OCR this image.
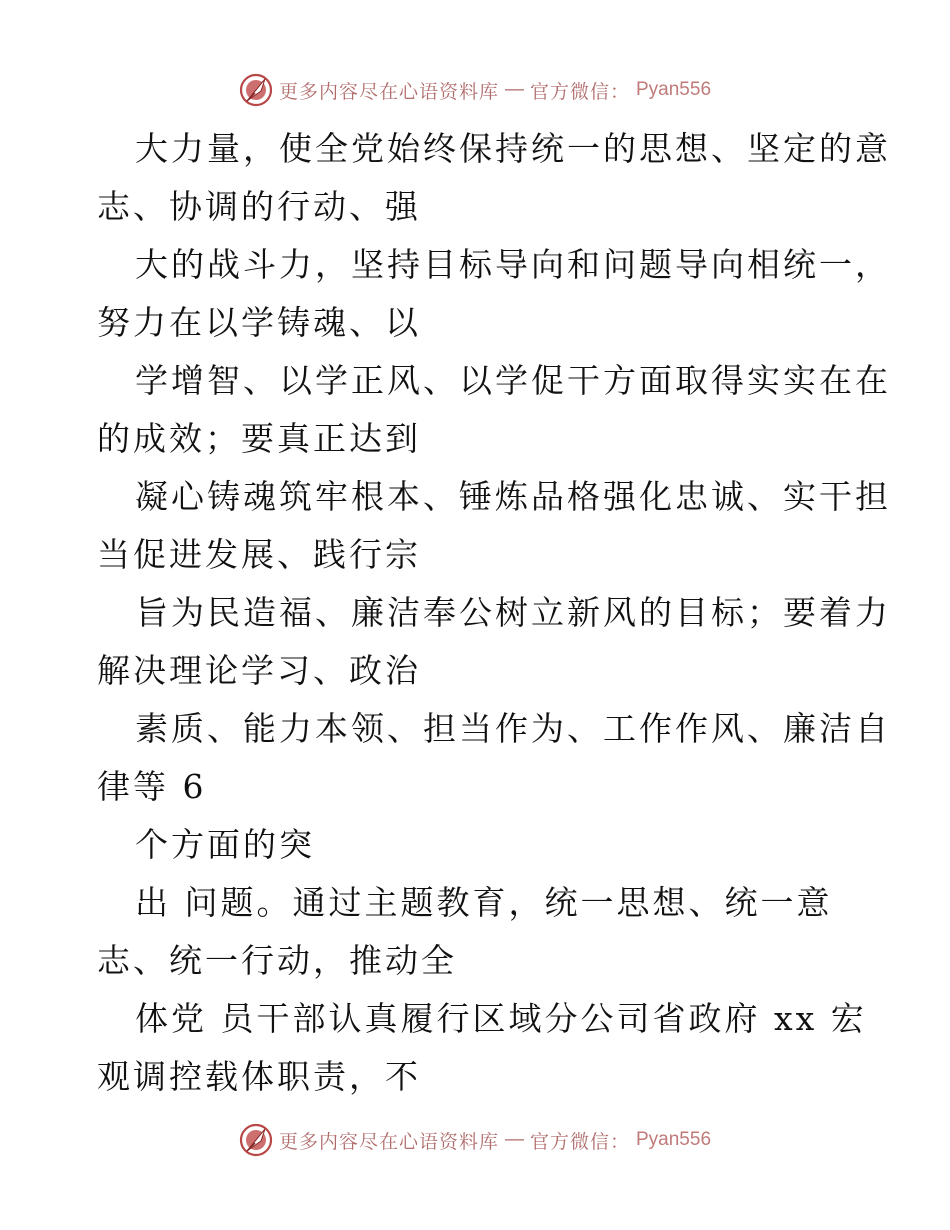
更多内容尽在心语资料库 — 官方微信： Pyan556
大力量，使全党始终保持统一的思想、坚定的意
志、协调的行动、强
大的战斗力，坚持目标导向和问题导向相统一，
努力在以学铸魂、以
学增智、以学正风、以学促干方面取得实实在在
的成效；要真正达到
凝心铸魂筑牢根本、锤炼品格强化忠诚、实干担
当促进发展、践行宗
旨为民造福、廉洁奉公树立新风的目标；要着力
解决理论学习、政治
素质、能力本领、担当作为、工作作风、廉洁自
律等 6
个方面的突
出 问题。通过主题教育，统一思想、统一意
志、统一行动，推动全
体党 员干部认真履行区域分公司省政府 xx 宏
观调控载体职责，不
更多内容尽在心语资料库 — 官方微信： Pyan556
